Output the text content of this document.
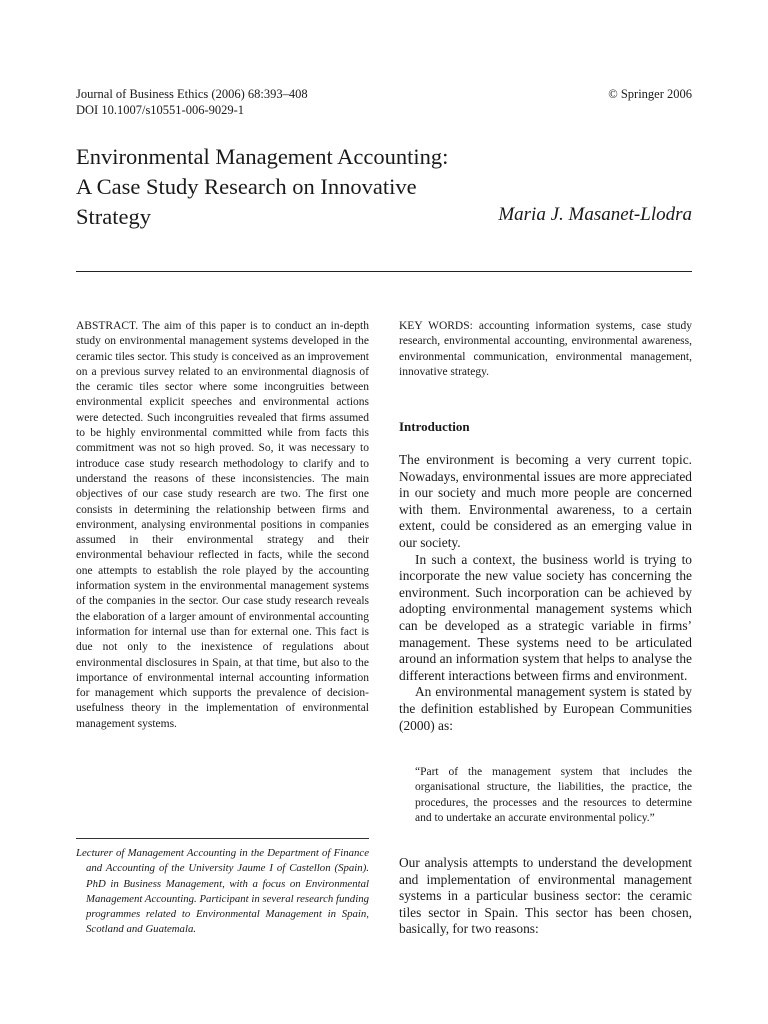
Journal of Business Ethics (2006) 68:393–408
DOI 10.1007/s10551-006-9029-1
© Springer 2006
Environmental Management Accounting:
A Case Study Research on Innovative
Strategy	Maria J. Masanet-Llodra

ABSTRACT. The aim of this paper is to conduct an in-depth study on environmental management systems developed in the ceramic tiles sector. This study is conceived as an improvement on a previous survey related to an environmental diagnosis of the ceramic tiles sector where some incongruities between environmental explicit speeches and environmental actions were detected. Such incongruities revealed that firms assumed to be highly environmental committed while from facts this commitment was not so high proved. So, it was necessary to introduce case study research methodology to clarify and to understand the reasons of these inconsistencies. The main objectives of our case study research are two. The first one consists in determining the relationship between firms and environment, analysing environmental positions in companies assumed in their environmental strategy and their environmental behaviour reflected in facts, while the second one attempts to establish the role played by the accounting information system in the environmental management systems of the companies in the sector. Our case study research reveals the elaboration of a larger amount of environmental accounting information for internal use than for external one. This fact is due not only to the inexistence of regulations about environmental disclosures in Spain, at that time, but also to the importance of environmental internal accounting information for management which supports the prevalence of decision-usefulness theory in the implementation of environmental management systems.

Lecturer of Management Accounting in the Department of Finance and Accounting of the University Jaume I of Castellon (Spain). PhD in Business Management, with a focus on Environmental Management Accounting. Participant in several research funding programmes related to Environmental Management in Spain, Scotland and Guatemala.

KEY WORDS: accounting information systems, case study research, environmental accounting, environmental awareness, environmental communication, environmental management, innovative strategy.

Introduction

The environment is becoming a very current topic. Nowadays, environmental issues are more appreciated in our society and much more people are concerned with them. Environmental awareness, to a certain extent, could be considered as an emerging value in our society.

In such a context, the business world is trying to incorporate the new value society has concerning the environment. Such incorporation can be achieved by adopting environmental management systems which can be developed as a strategic variable in firms’ management. These systems need to be articulated around an information system that helps to analyse the different interactions between firms and environment.

An environmental management system is stated by the definition established by European Communities (2000) as:

“Part of the management system that includes the organisational structure, the liabilities, the practice, the procedures, the processes and the resources to determine and to undertake an accurate environmental policy.”

Our analysis attempts to understand the development and implementation of environmental management systems in a particular business sector: the ceramic tiles sector in Spain. This sector has been chosen, basically, for two reasons:
